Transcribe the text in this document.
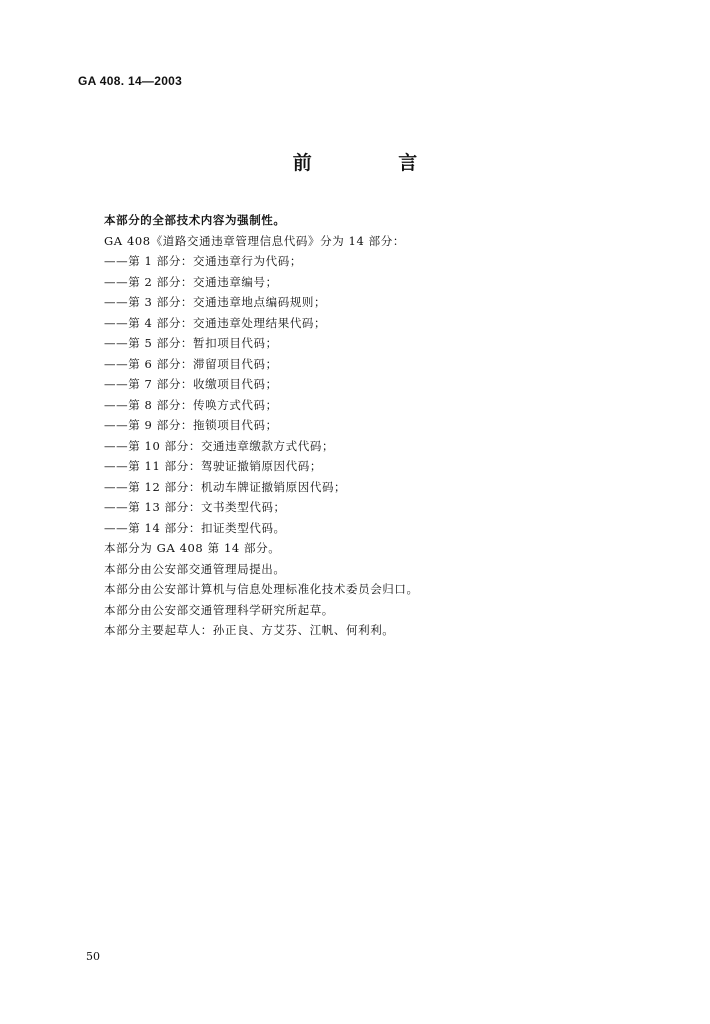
GA 408. 14—2003
前 言
本部分的全部技术内容为强制性。
GA 408《道路交通违章管理信息代码》分为 14 部分：
——第 1 部分：交通违章行为代码；
——第 2 部分：交通违章编号；
——第 3 部分：交通违章地点编码规则；
——第 4 部分：交通违章处理结果代码；
——第 5 部分：暂扣项目代码；
——第 6 部分：滞留项目代码；
——第 7 部分：收缴项目代码；
——第 8 部分：传唤方式代码；
——第 9 部分：拖锁项目代码；
——第 10 部分：交通违章缴款方式代码；
——第 11 部分：驾驶证撤销原因代码；
——第 12 部分：机动车牌证撤销原因代码；
——第 13 部分：文书类型代码；
——第 14 部分：扣证类型代码。
本部分为 GA 408 第 14 部分。
本部分由公安部交通管理局提出。
本部分由公安部计算机与信息处理标准化技术委员会归口。
本部分由公安部交通管理科学研究所起草。
本部分主要起草人：孙正良、方艾芬、江帆、何利利。
50
